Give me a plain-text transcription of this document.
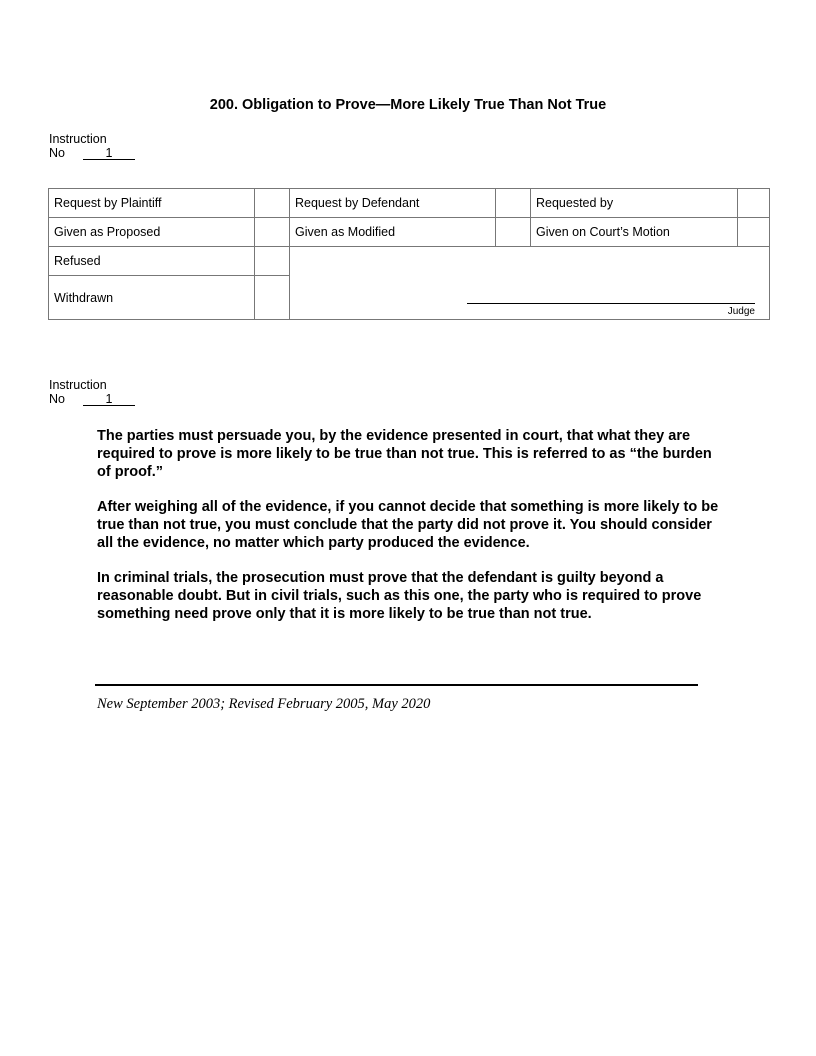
200. Obligation to Prove—More Likely True Than Not True
Instruction
No	1
Request by Plaintiff		Request by Defendant		Requested by	
Given as Proposed		Given as Modified		Given on Court’s Motion	
Refused		Judge			

Withdrawn					
Instruction
No	1

The parties must persuade you, by the evidence presented in court, that what they are required to prove is more likely to be true than not true. This is referred to as “the burden of proof.”

After weighing all of the evidence, if you cannot decide that something is more likely to be true than not true, you must conclude that the party did not prove it. You should consider all the evidence, no matter which party produced the evidence.

In criminal trials, the prosecution must prove that the defendant is guilty beyond a reasonable doubt. But in civil trials, such as this one, the party who is required to prove something need prove only that it is more likely to be true than not true.

New September 2003; Revised February 2005, May 2020
